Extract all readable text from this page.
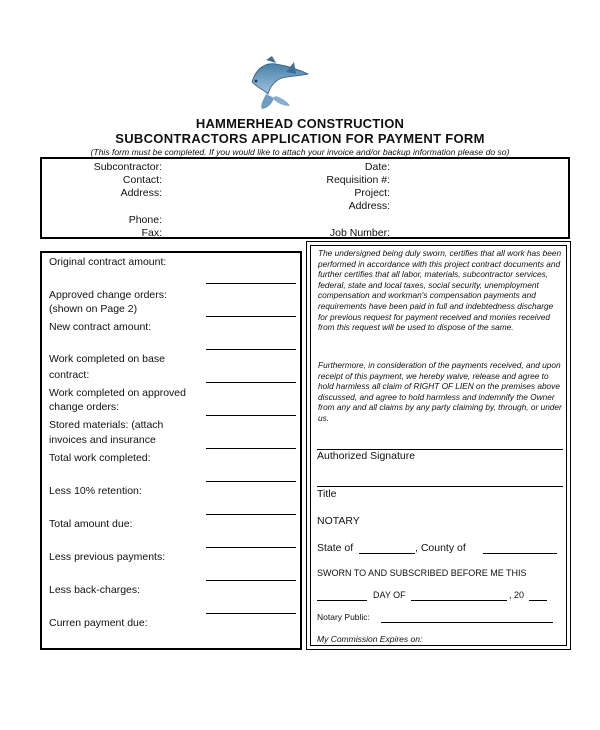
HAMMERHEAD CONSTRUCTION
SUBCONTRACTORS APPLICATION FOR PAYMENT FORM
(This form must be completed. If you would like to attach your invoice and/or backup information please do so)
Subcontractor:
Contact:
Address:
Phone:
Fax:
Date:
Requisition #:
Project:
Address:
Job Number:
Original contract amount:
Approved change orders:
(shown on Page 2)
New contract amount:
Work completed on base
contract:
Work completed on approved
change orders:
Stored materials: (attach
invoices and insurance
Total work completed:
Less 10% retention:
Total amount due:
Less previous payments:
Less back-charges:
Curren payment due:
The undersigned being duly sworn, certifies that all work has been performed in accordance with this project contract documents and further certifies that all labor, materials, subcontractor services, federal, state and local taxes, social security, unemployment compensation and workman's compensation payments and requirements have been paid in full and indebtedness discharge for previous request for payment received and monies received from this request will be used to dispose of the same.
Furthermore, in consideration of the payments received, and upon receipt of this payment, we hereby waive, release and agree to hold harmless all claim of RIGHT OF LIEN on the premises above discussed, and agree to hold harmless and indemnify the Owner from any and all claims by any party claiming by, through, or under us.
Authorized Signature
Title
NOTARY
State of	, County of
SWORN TO AND SUBSCRIBED BEFORE ME THIS
DAY OF	, 20
Notary Public:
My Commission Expires on:
